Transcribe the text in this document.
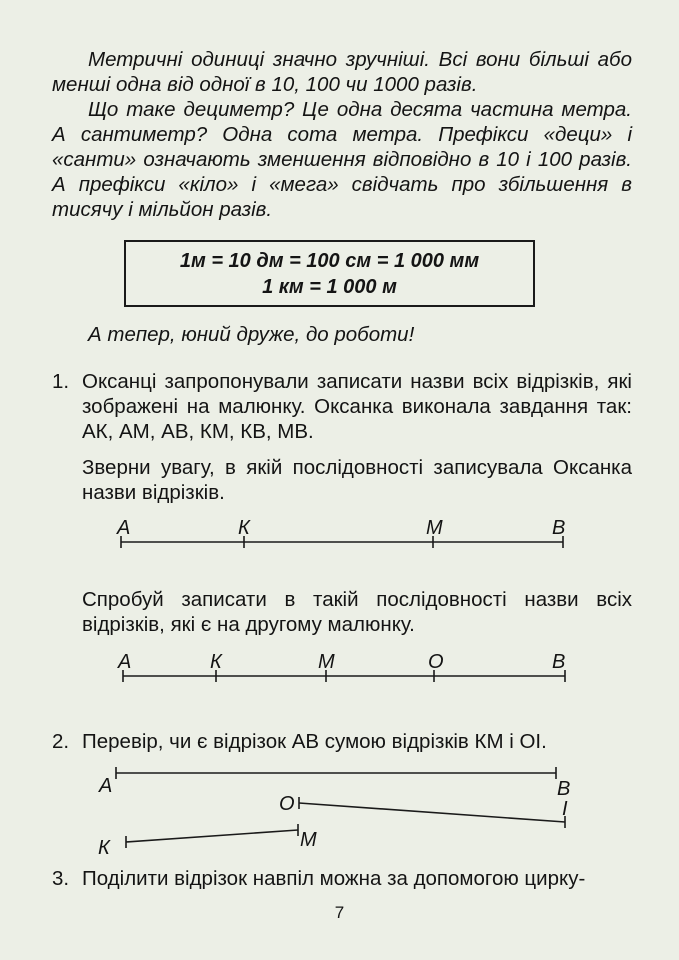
Метричні одиниці значно зручніші. Всі вони більші або менші одна від одної в 10, 100 чи 1000 разів.

Що таке дециметр? Це одна десята частина метра. А сантиметр? Одна сота метра. Префікси «деци» і «санти» означають зменшення відповідно в 10 і 100 разів. А префікси «кіло» і «мега» свідчать про збільшення в тисячу і мільйон разів.

1м = 10 дм = 100 см = 1 000 мм
1 км = 1 000 м

А тепер, юний друже, до роботи!

1. Оксанці запропонували записати назви всіх відрізків, які зображені на малюнку. Оксанка виконала завдання так: АК, АМ, АВ, КМ, КВ, МВ.

Зверни увагу, в якій послідовності записувала Оксанка назви відрізків.

Спробуй записати в такій послідовності назви всіх відрізків, які є на другому малюнку.

2. Перевір, чи є відрізок АВ сумою відрізків КМ і ОІ.

3. Поділити відрізок навпіл можна за допомогою цирку-

А	К	М	В
А	К	М	О	В
А	В
О	І
К	М
7
